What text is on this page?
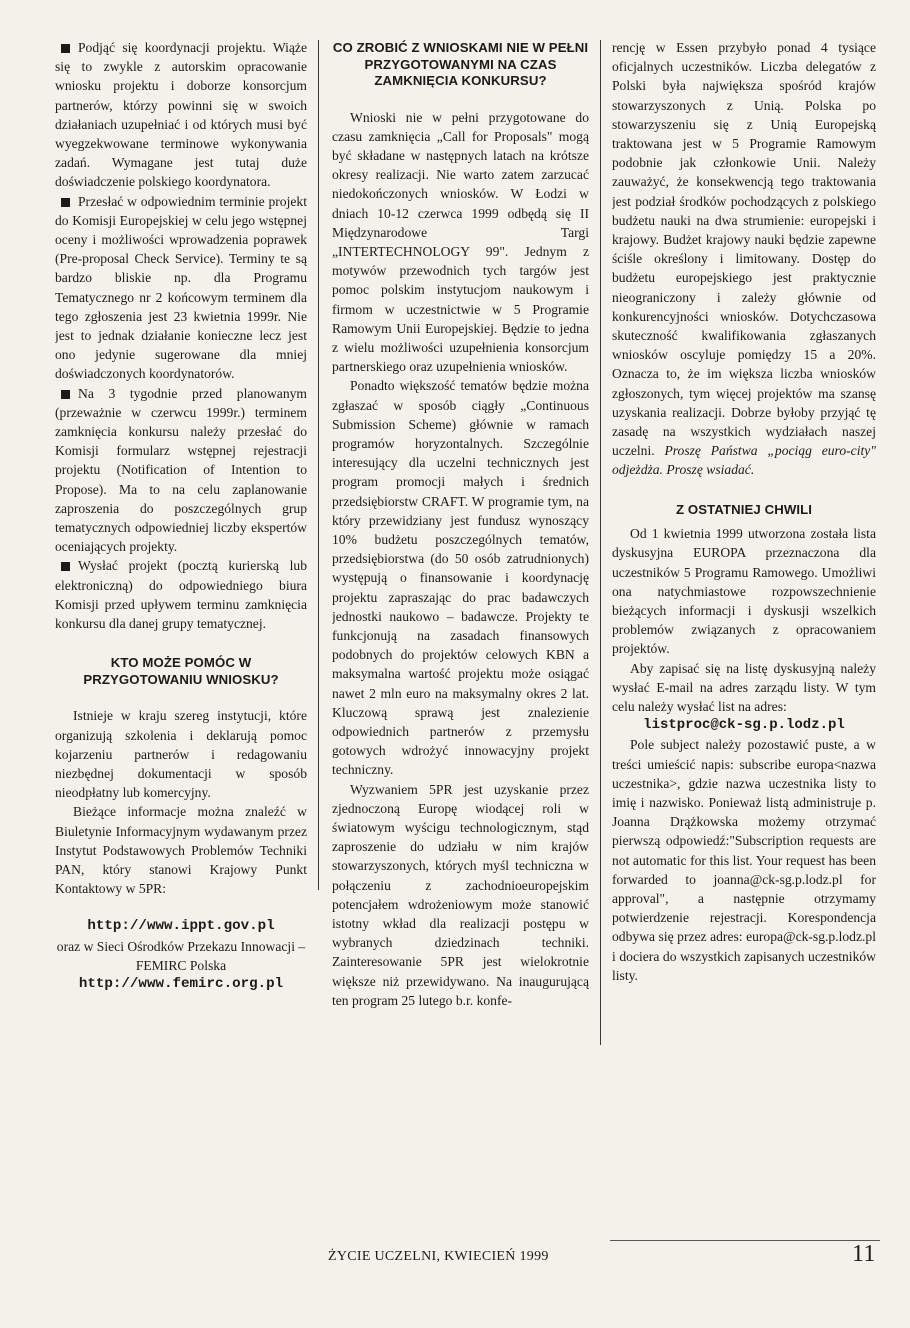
Podjąć się koordynacji projektu. Wiąże się to zwykle z autorskim opracowanie wniosku projektu i doborze konsorcjum partnerów, którzy powinni się w swoich działaniach uzupełniać i od których musi być wyegzekwowane terminowe wykonywania zadań. Wymagane jest tutaj duże doświadczenie polskiego koordynatora.

Przesłać w odpowiednim terminie projekt do Komisji Europejskiej w celu jego wstępnej oceny i możliwości wprowadzenia poprawek (Pre-proposal Check Service). Terminy te są bardzo bliskie np. dla Programu Tematycznego nr 2 końcowym terminem dla tego zgłoszenia jest 23 kwietnia 1999r. Nie jest to jednak działanie konieczne lecz jest ono jedynie sugerowane dla mniej doświadczonych koordynatorów.

Na 3 tygodnie przed planowanym (przeważnie w czerwcu 1999r.) terminem zamknięcia konkursu należy przesłać do Komisji formularz wstępnej rejestracji projektu (Notification of Intention to Propose). Ma to na celu zaplanowanie zaproszenia do poszczególnych grup tematycznych odpowiedniej liczby ekspertów oceniających projekty.

Wysłać projekt (pocztą kurierską lub elektroniczną) do odpowiedniego biura Komisji przed upływem terminu zamknięcia konkursu dla danej grupy tematycznej.

KTO MOŻE POMÓC W PRZYGOTOWANIU WNIOSKU?

Istnieje w kraju szereg instytucji, które organizują szkolenia i deklarują pomoc kojarzeniu partnerów i redagowaniu niezbędnej dokumentacji w sposób nieodpłatny lub komercyjny.

Bieżące informacje można znaleźć w Biuletynie Informacyjnym wydawanym przez Instytut Podstawowych Problemów Techniki PAN, który stanowi Krajowy Punkt Kontaktowy w 5PR:

http://www.ippt.gov.pl

oraz w Sieci Ośrodków Przekazu Innowacji – FEMIRC Polska

http://www.femirc.org.pl

CO ZROBIĆ Z WNIOSKAMI NIE W PEŁNI PRZYGOTOWANYMI NA CZAS ZAMKNIĘCIA KONKURSU?

Wnioski nie w pełni przygotowane do czasu zamknięcia „Call for Proposals" mogą być składane w następnych latach na krótsze okresy realizacji. Nie warto zatem zarzucać niedokończonych wniosków. W Łodzi w dniach 10-12 czerwca 1999 odbędą się II Międzynarodowe Targi „INTERTECHNOLOGY 99". Jednym z motywów przewodnich tych targów jest pomoc polskim instytucjom naukowym i firmom w uczestnictwie w 5 Programie Ramowym Unii Europejskiej. Będzie to jedna z wielu możliwości uzupełnienia konsorcjum partnerskiego oraz uzupełnienia wniosków.

Ponadto większość tematów będzie można zgłaszać w sposób ciągły „Continuous Submission Scheme) głównie w ramach programów horyzontalnych. Szczególnie interesujący dla uczelni technicznych jest program promocji małych i średnich przedsiębiorstw CRAFT. W programie tym, na który przewidziany jest fundusz wynoszący 10% budżetu poszczególnych tematów, przedsiębiorstwa (do 50 osób zatrudnionych) występują o finansowanie i koordynację projektu zapraszając do prac badawczych jednostki naukowo – badawcze. Projekty te funkcjonują na zasadach finansowych podobnych do projektów celowych KBN a maksymalna wartość projektu może osiągać nawet 2 mln euro na maksymalny okres 2 lat. Kluczową sprawą jest znalezienie odpowiednich partnerów z przemysłu gotowych wdrożyć innowacyjny projekt techniczny.

Wyzwaniem 5PR jest uzyskanie przez zjednoczoną Europę wiodącej roli w światowym wyścigu technologicznym, stąd zaproszenie do udziału w nim krajów stowarzyszonych, których myśl techniczna w połączeniu z zachodnioeuropejskim potencjałem wdrożeniowym może stanowić istotny wkład dla realizacji postępu w wybranych dziedzinach techniki. Zainteresowanie 5PR jest wielokrotnie większe niż przewidywano. Na inaugurującą ten program 25 lutego b.r. konfe-

rencję w Essen przybyło ponad 4 tysiące oficjalnych uczestników. Liczba delegatów z Polski była największa spośród krajów stowarzyszonych z Unią. Polska po stowarzyszeniu się z Unią Europejską traktowana jest w 5 Programie Ramowym podobnie jak członkowie Unii. Należy zauważyć, że konsekwencją tego traktowania jest podział środków pochodzących z polskiego budżetu nauki na dwa strumienie: europejski i krajowy. Budżet krajowy nauki będzie zapewne ściśle określony i limitowany. Dostęp do budżetu europejskiego jest praktycznie nieograniczony i zależy głównie od konkurencyjności wniosków. Dotychczasowa skuteczność kwalifikowania zgłaszanych wniosków oscyluje pomiędzy 15 a 20%. Oznacza to, że im większa liczba wniosków zgłoszonych, tym więcej projektów ma szansę uzyskania realizacji. Dobrze byłoby przyjąć tę zasadę na wszystkich wydziałach naszej uczelni. Proszę Państwa „pociąg euro-city" odjeżdża. Proszę wsiadać.

Z OSTATNIEJ CHWILI

Od 1 kwietnia 1999 utworzona została lista dyskusyjna EUROPA przeznaczona dla uczestników 5 Programu Ramowego. Umożliwi ona natychmiastowe rozpowszechnienie bieżących informacji i dyskusji wszelkich problemów związanych z opracowaniem projektów.

Aby zapisać się na listę dyskusyjną należy wysłać E-mail na adres zarządu listy. W tym celu należy wysłać list na adres:

listproc@ck-sg.p.lodz.pl

Pole subject należy pozostawić puste, a w treści umieścić napis: subscribe europa<nazwa uczestnika>, gdzie nazwa uczestnika listy to imię i nazwisko. Ponieważ listą administruje p. Joanna Drążkowska możemy otrzymać pierwszą odpowiedź:"Subscription requests are not automatic for this list. Your request has been forwarded to joanna@ck-sg.p.lodz.pl for approval", a następnie otrzymamy potwierdzenie rejestracji. Korespondencja odbywa się przez adres: europa@ck-sg.p.lodz.pl i dociera do wszystkich zapisanych uczestników listy.

ŻYCIE UCZELNI, KWIECIEŃ 1999	11
